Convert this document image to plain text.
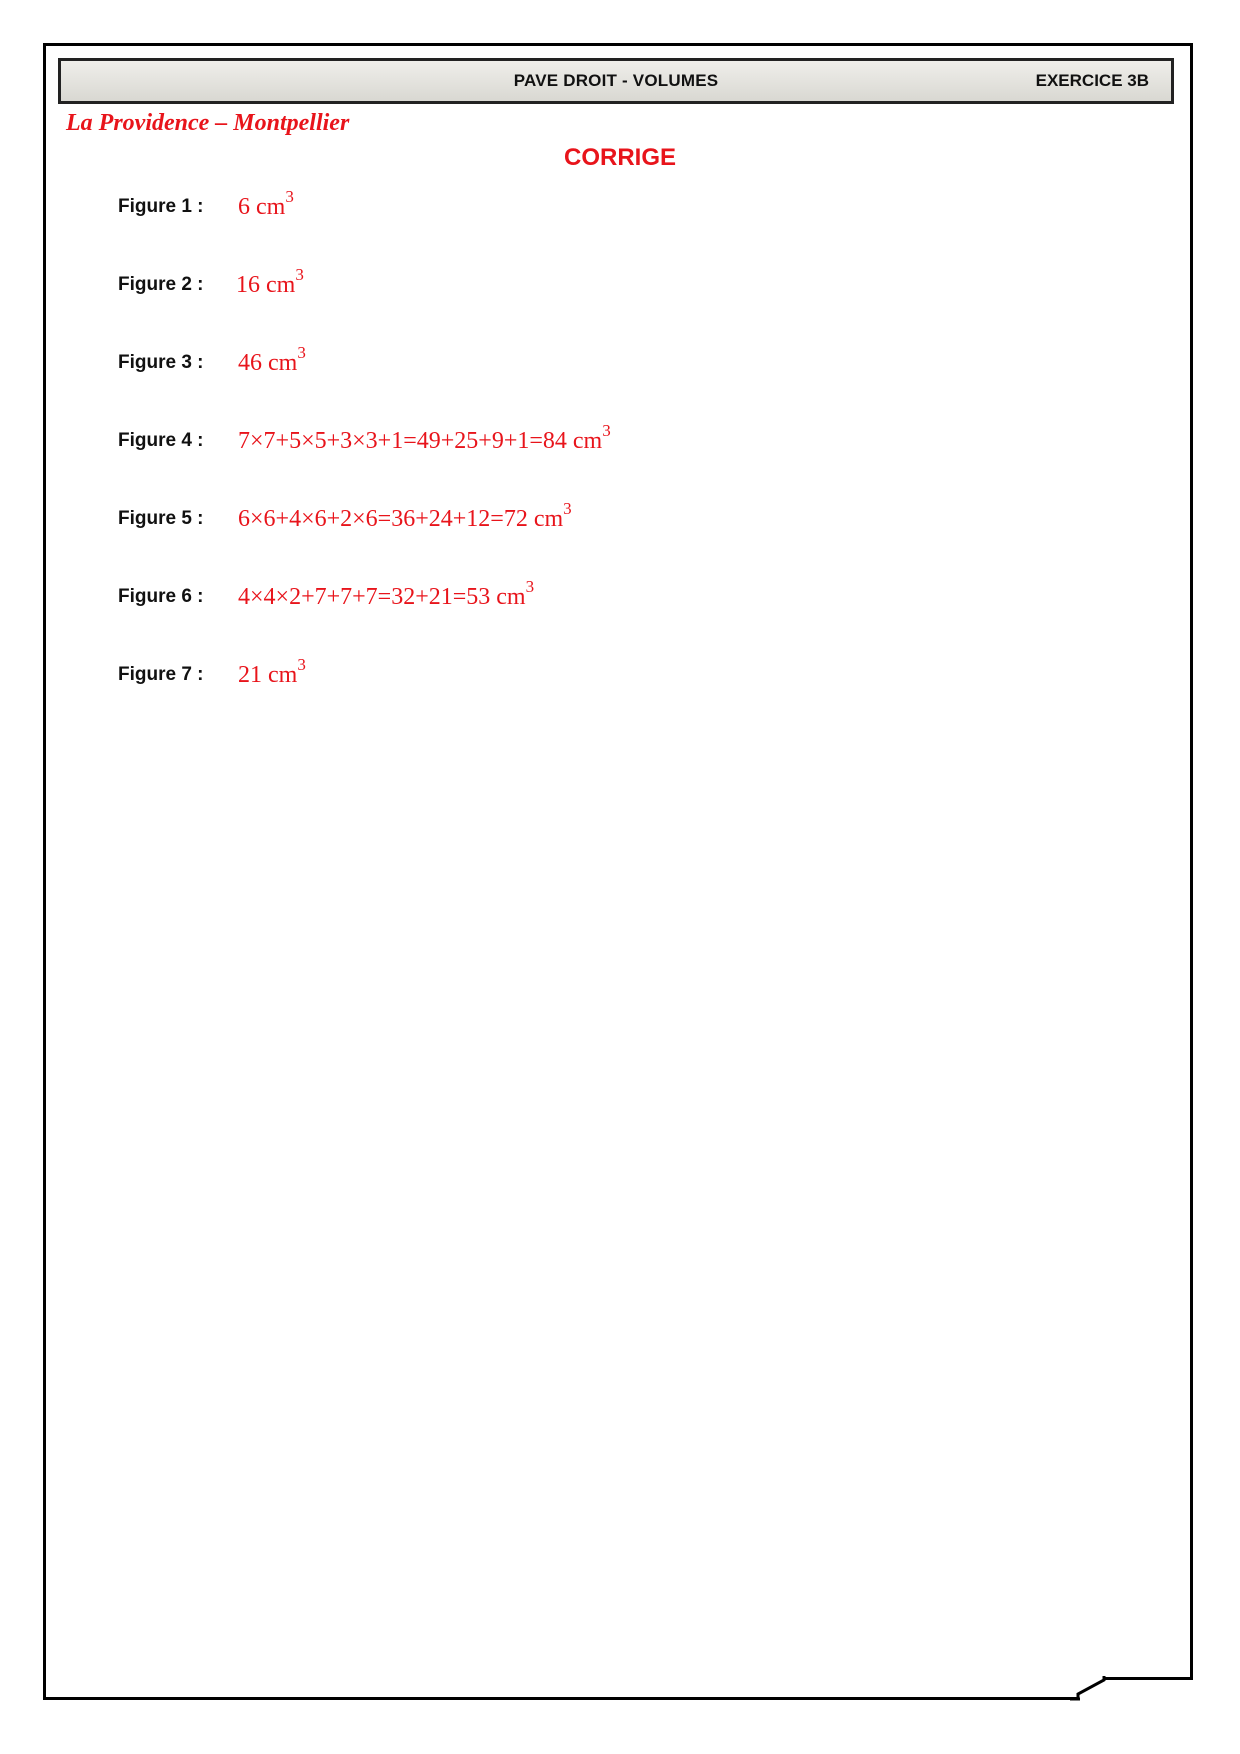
PAVE DROIT - VOLUMES	EXERCICE 3B
La Providence – Montpellier
CORRIGE
Figure 1 : 6 $cm^3$
Figure 2 : 16 $cm^3$
Figure 3 : 46 $cm^3$
Figure 4 : 7×7+5×5+3×3+1=49+25+9+1=84 $cm^3$
Figure 5 : 6×6+4×6+2×6=36+24+12=72 $cm^3$
Figure 6 : 4×4×2+7+7+7=32+21=53 $cm^3$
Figure 7 : 21 $cm^3$
